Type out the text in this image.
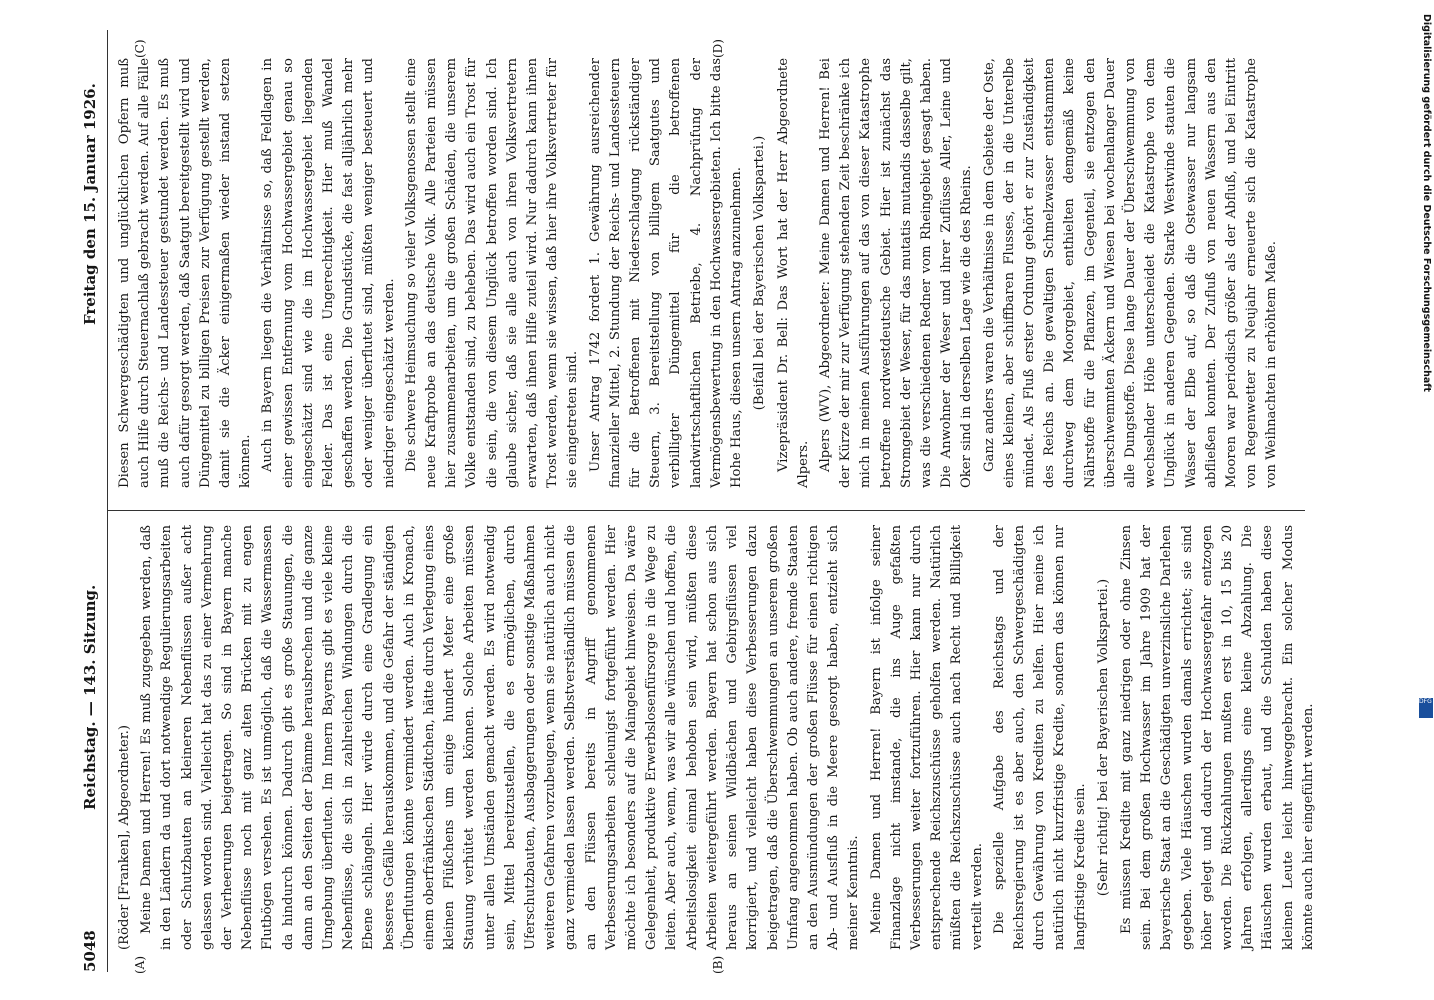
5048
Reichstag. — 143. Sitzung.
Freitag den 15. Januar 1926.
(A)	(B)
(C)	(D)

(Röder [Franken], Abgeordneter.) Meine Damen und Herren! Es muß zugegeben werden, daß in den Ländern da und dort notwendige Regulierungsarbeiten oder Schutzbauten an kleineren Nebenflüssen außer acht gelassen worden sind. Vielleicht hat das zu einer Vermehrung der Verheerungen beigetragen. So sind in Bayern manche Nebenflüsse noch mit ganz alten Brücken mit zu engen Flutbögen versehen. Es ist unmöglich, daß die Wassermassen da hindurch können. Dadurch gibt es große Stauungen, die dann an den Seiten der Dämme herausbrechen und die ganze Umgebung überfluten. Im Innern Bayerns gibt es viele kleine Nebenflüsse, die sich in zahlreichen Windungen durch die Ebene schlängeln. Hier würde durch eine Gradlegung ein besseres Gefälle herauskommen, und die Gefahr der ständigen Überflutungen könnte vermindert werden. Auch in Kronach, einem oberfränkischen Städtchen, hätte durch Verlegung eines kleinen Flüßchens um einige hundert Meter eine große Stauung verhütet werden können. Solche Arbeiten müssen unter allen Umständen gemacht werden. Es wird notwendig sein, Mittel bereitzustellen, die es ermöglichen, durch Uferschutzbauten, Ausbaggerungen oder sonstige Maßnahmen weiteren Gefahren vorzubeugen, wenn sie natürlich auch nicht ganz vermieden lassen werden. Selbstverständlich müssen die an den Flüssen bereits in Angriff genommenen Verbesserungsarbeiten schleunigst fortgeführt werden. Hier möchte ich besonders auf die Maingebiet hinweisen. Da wäre Gelegenheit, produktive Erwerbslosenfürsorge in die Wege zu leiten. Aber auch, wenn, was wir alle wünschen und hoffen, die Arbeitslosigkeit einmal behoben sein wird, müßten diese Arbeiten weitergeführt werden. Bayern hat schon aus sich heraus an seinen Wildbächen und Gebirgsflüssen viel korrigiert, und vielleicht haben diese Verbesserungen dazu beigetragen, daß die Überschwemmungen an unserem großen Umfang angenommen haben. Ob auch andere, fremde Staaten an den Ausmündungen der großen Flüsse für einen richtigen Ab- und Ausfluß in die Meere gesorgt haben, entzieht sich meiner Kenntnis. Meine Damen und Herren! Bayern ist infolge seiner Finanzlage nicht imstande, die ins Auge gefaßten Verbesserungen weiter fortzuführen. Hier kann nur durch entsprechende Reichszuschüsse geholfen werden. Natürlich müßten die Reichszuschüsse auch nach Recht und Billigkeit verteilt werden. Die spezielle Aufgabe des Reichstags und der Reichsregierung ist es aber auch, den Schwergeschädigten durch Gewährung von Krediten zu helfen. Hier meine ich natürlich nicht kurzfristige Kredite, sondern das können nur langfristige Kredite sein. (Sehr richtig! bei der Bayerischen Volkspartei.) Es müssen Kredite mit ganz niedrigen oder ohne Zinsen sein. Bei dem großen Hochwasser im Jahre 1909 hat der bayerische Staat an die Geschädigten unverzinsliche Darlehen gegeben. Viele Häuschen wurden damals errichtet; sie sind höher gelegt und dadurch der Hochwassergefahr entzogen worden. Die Rückzahlungen mußten erst in 10, 15 bis 20 Jahren erfolgen, allerdings eine kleine Abzahlung. Die Häuschen wurden erbaut, und die Schulden haben diese kleinen Leute leicht hinweggebracht. Ein solcher Modus könnte auch hier eingeführt werden.

Diesen Schwergeschädigten und unglücklichen Opfern muß auch Hilfe durch Steuernachlaß gebracht werden. Auf alle Fälle muß die Reichs- und Landessteuer gestundet werden. Es muß auch dafür gesorgt werden, daß Saatgut bereitgestellt wird und Düngemittel zu billigen Preisen zur Verfügung gestellt werden, damit sie die Äcker einigermaßen wieder instand setzen können. Auch in Bayern liegen die Verhältnisse so, daß Feldlagen in einer gewissen Entfernung vom Hochwassergebiet genau so eingeschätzt sind wie die im Hochwassergebiet liegenden Felder. Das ist eine Ungerechtigkeit. Hier muß Wandel geschaffen werden. Die Grundstücke, die fast alljährlich mehr oder weniger überflutet sind, müßten weniger besteuert und niedriger eingeschätzt werden. Die schwere Heimsuchung so vieler Volksgenossen stellt eine neue Kraftprobe an das deutsche Volk. Alle Parteien müssen hier zusammenarbeiten, um die großen Schäden, die unserem Volke entstanden sind, zu beheben. Das wird auch ein Trost für die sein, die von diesem Unglück betroffen worden sind. Ich glaube sicher, daß sie alle auch von ihren Volksvertretern erwarten, daß ihnen Hilfe zuteil wird. Nur dadurch kann ihnen Trost werden, wenn sie wissen, daß hier ihre Volksvertreter für sie eingetreten sind. Unser Antrag 1742 fordert 1. Gewährung ausreichender finanzieller Mittel, 2. Stundung der Reichs- und Landessteuern für die Betroffenen mit Niederschlagung rückständiger Steuern, 3. Bereitstellung von billigem Saatgutes und verbilligter Düngemittel für die betroffenen landwirtschaftlichen Betriebe, 4. Nachprüfung der Vermögensbewertung in den Hochwassergebieten. Ich bitte das Hohe Haus, diesen unsern Antrag anzunehmen. (Beifall bei der Bayerischen Volkspartei.) Vizepräsident Dr. Bell: Das Wort hat der Herr Abgeordnete Alpers. Alpers (WV), Abgeordneter: Meine Damen und Herren! Bei der Kürze der mir zur Verfügung stehenden Zeit beschränke ich mich in meinen Ausführungen auf das von dieser Katastrophe betroffene nordwestdeutsche Gebiet. Hier ist zunächst das Stromgebiet der Weser, für das mutatis mutandis dasselbe gilt, was die verschiedenen Redner vom Rheingebiet gesagt haben. Die Anwohner der Weser und ihrer Zuflüsse Aller, Leine und Oker sind in derselben Lage wie die des Rheins. Ganz anders waren die Verhältnisse in dem Gebiete der Oste, eines kleinen, aber schiffbaren Flusses, der in die Unterelbe mündet. Als Fluß erster Ordnung gehört er zur Zuständigkeit des Reichs an. Die gewaltigen Schmelzwasser entstammten durchweg dem Moorgebiet, enthielten demgemäß keine Nährstoffe für die Pflanzen, im Gegenteil, sie entzogen den überschwemmten Äckern und Wiesen bei wochenlanger Dauer alle Dungstoffe. Diese lange Dauer der Überschwemmung von wechselnder Höhe unterscheidet die Katastrophe von dem Unglück in anderen Gegenden. Starke Westwinde stauten die Wasser der Elbe auf, so daß die Ostewasser nur langsam abfließen konnten. Der Zufluß von neuen Wassern aus den Mooren war periodisch größer als der Abfluß, und bei Eintritt von Regenwetter zu Neujahr erneuerte sich die Katastrophe von Weihnachten in erhöhtem Maße.	Digitalisierung gefördert durch die Deutsche Forschungsgemeinschaft
DFG
